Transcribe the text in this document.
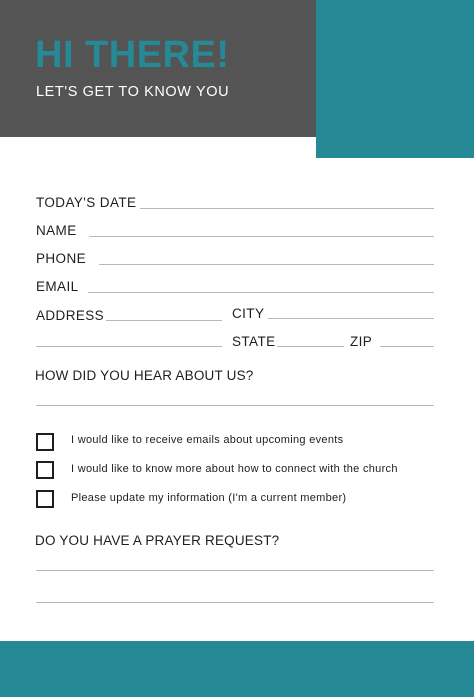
HI THERE!
LET'S GET TO KNOW YOU
TODAY'S DATE
NAME
PHONE
EMAIL
ADDRESS	CITY
STATE	ZIP
HOW DID YOU HEAR ABOUT US?
I would like to receive emails about upcoming events
I would like to know more about how to connect with the church
Please update my information (I'm a current member)
DO YOU HAVE A PRAYER REQUEST?
